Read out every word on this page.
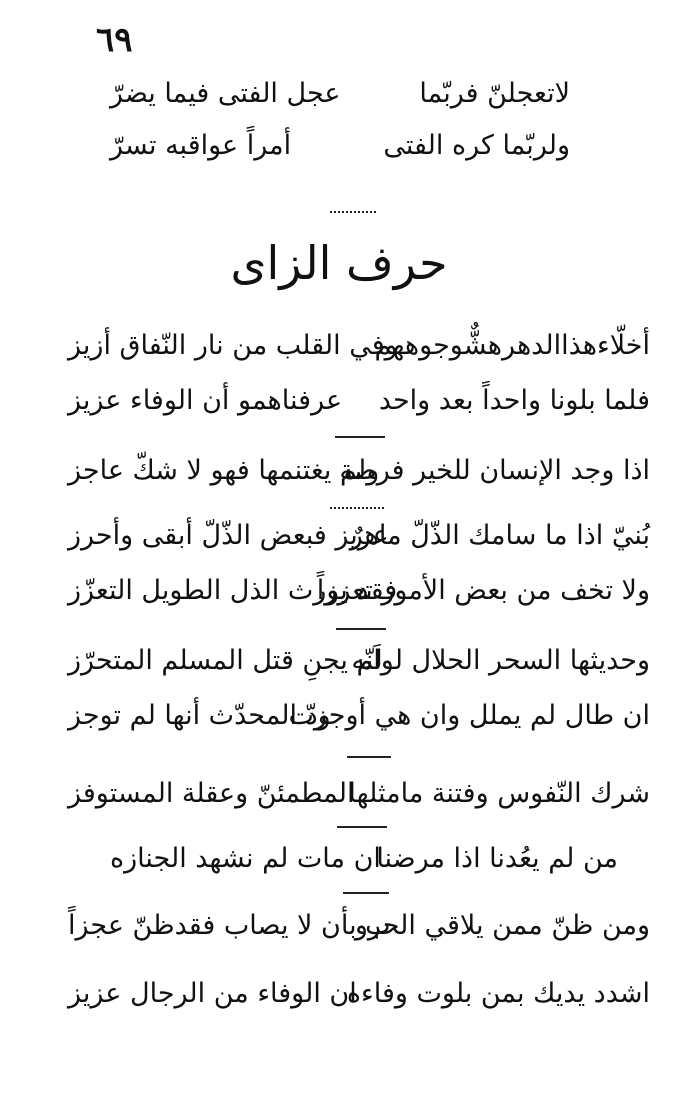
٦٩
لاتعجلنّ فربّما
عجل الفتى فيما يضرّ
ولربّما كره الفتى
أمراً عواقبه تسرّ
حرف الزاى
أخلّاءهذاالدهرهشٌّوجوههم
وفي القلب من نار النّفاق أزيز
فلما بلونا واحداً بعد واحد
عرفناهمو أن الوفاء عزيز
اذا وجد الإنسان للخير فرصة
ولم يغتنمها فهو لا شكّ عاجز
بُنيّ اذا ما سامك الذّلّ ماهرٌ
عزيز فبعض الذّلّ أبقى وأحرز
ولا تخف من بعض الأمور تعززاً
فقد يورث الذل الطويل التعزّز
وحديثها السحر الحلال لواَنّه
لم يجنِ قتل المسلم المتحرّز
ان طال لم يملل وان هي أوجزت
ودّ المحدّث أنها لم توجز
شرك النّفوس وفتنة مامثلها
المطمئنّ وعقلة المستوفز
من لم يعُدنا اذا مرضنا
ان مات لم نشهد الجنازه
ومن ظنّ ممن يلاقي الحرو
ب بأن لا يصاب فقدظنّ عجزاً
اشدد يديك بمن بلوت وفاءه
ان الوفاء من الرجال عزيز
